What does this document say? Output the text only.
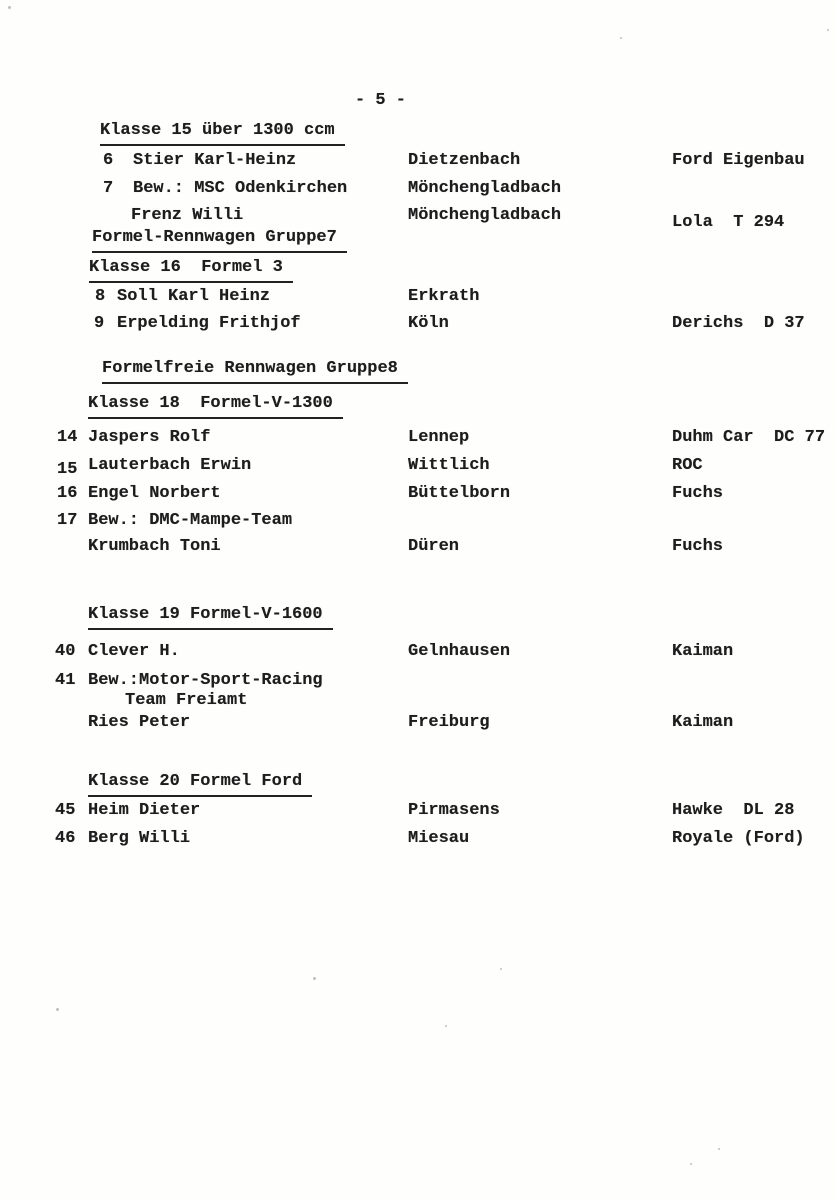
- 5 -
Klasse 15 über 1300 ccm
6 Stier Karl-Heinz	Dietzenbach	Ford Eigenbau
7 Bew.: MSC Odenkirchen	Mönchengladbach
Frenz Willi	Mönchengladbach	Lola  T 294
Formel-Rennwagen Gruppe7
Klasse 16  Formel 3
8 Soll Karl Heinz	Erkrath
9 Erpelding Frithjof	Köln	Derichs  D 37
Formelfreie Rennwagen Gruppe8
Klasse 18  Formel-V-1300
14 Jaspers Rolf	Lennep	Duhm Car  DC 77
15 Lauterbach Erwin	Wittlich	ROC
16 Engel Norbert	Büttelborn	Fuchs
17 Bew.: DMC-Mampe-Team
Krumbach Toni	Düren	Fuchs
Klasse 19 Formel-V-1600
40 Clever H.	Gelnhausen	Kaiman
41 Bew.:Motor-Sport-Racing
Team Freiamt
Ries Peter	Freiburg	Kaiman
Klasse 20 Formel Ford
45 Heim Dieter	Pirmasens	Hawke  DL 28
46 Berg Willi	Miesau	Royale (Ford)
